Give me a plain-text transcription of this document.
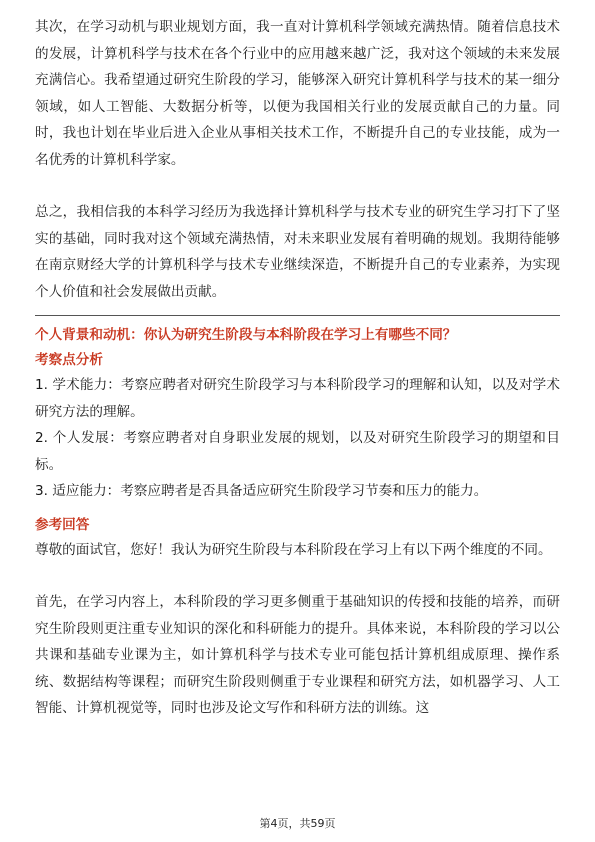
其次，在学习动机与职业规划方面，我一直对计算机科学领域充满热情。随着信息技术的发展，计算机科学与技术在各个行业中的应用越来越广泛，我对这个领域的未来发展充满信心。我希望通过研究生阶段的学习，能够深入研究计算机科学与技术的某一细分领域，如人工智能、大数据分析等，以便为我国相关行业的发展贡献自己的力量。同时，我也计划在毕业后进入企业从事相关技术工作，不断提升自己的专业技能，成为一名优秀的计算机科学家。

总之，我相信我的本科学习经历为我选择计算机科学与技术专业的研究生学习打下了坚实的基础，同时我对这个领域充满热情，对未来职业发展有着明确的规划。我期待能够在南京财经大学的计算机科学与技术专业继续深造，不断提升自己的专业素养，为实现个人价值和社会发展做出贡献。

个人背景和动机：你认为研究生阶段与本科阶段在学习上有哪些不同？

考察点分析

1. 学术能力：考察应聘者对研究生阶段学习与本科阶段学习的理解和认知，以及对学术研究方法的理解。
2. 个人发展：考察应聘者对自身职业发展的规划，以及对研究生阶段学习的期望和目标。
3. 适应能力：考察应聘者是否具备适应研究生阶段学习节奏和压力的能力。

参考回答

尊敬的面试官，您好！我认为研究生阶段与本科阶段在学习上有以下两个维度的不同。

首先，在学习内容上，本科阶段的学习更多侧重于基础知识的传授和技能的培养，而研究生阶段则更注重专业知识的深化和科研能力的提升。具体来说，本科阶段的学习以公共课和基础专业课为主，如计算机科学与技术专业可能包括计算机组成原理、操作系统、数据结构等课程；而研究生阶段则侧重于专业课程和研究方法，如机器学习、人工智能、计算机视觉等，同时也涉及论文写作和科研方法的训练。这

第4页，共59页
